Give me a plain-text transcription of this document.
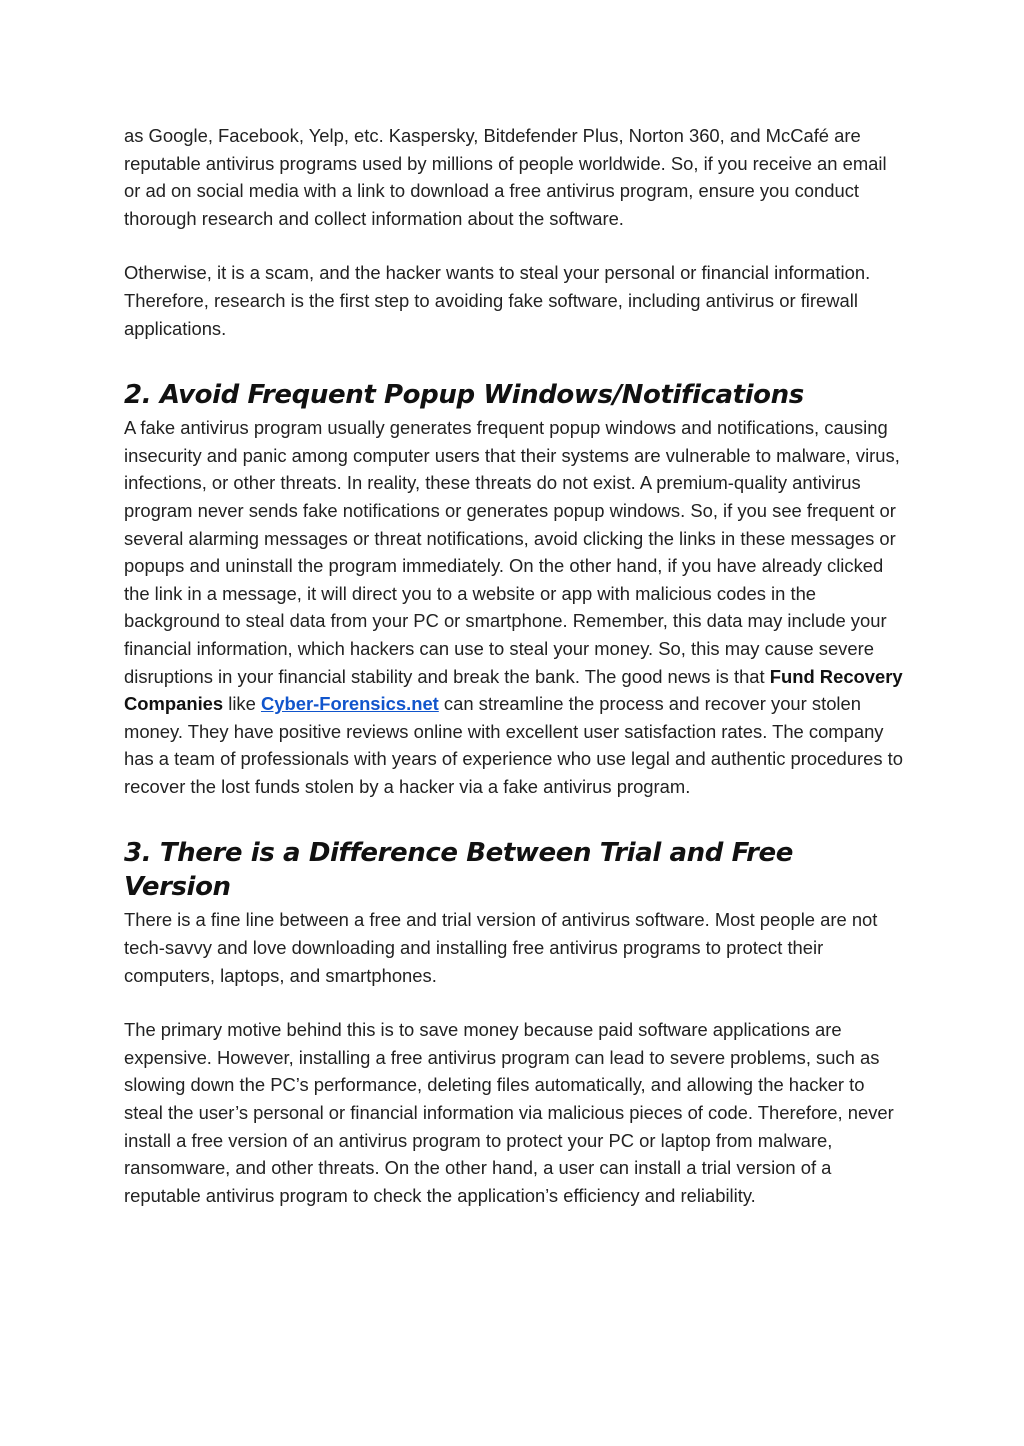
as Google, Facebook, Yelp, etc. Kaspersky, Bitdefender Plus, Norton 360, and McCafé are reputable antivirus programs used by millions of people worldwide. So, if you receive an email or ad on social media with a link to download a free antivirus program, ensure you conduct thorough research and collect information about the software.

Otherwise, it is a scam, and the hacker wants to steal your personal or financial information. Therefore, research is the first step to avoiding fake software, including antivirus or firewall applications.

2. Avoid Frequent Popup Windows/Notifications

A fake antivirus program usually generates frequent popup windows and notifications, causing insecurity and panic among computer users that their systems are vulnerable to malware, virus, infections, or other threats. In reality, these threats do not exist. A premium-quality antivirus program never sends fake notifications or generates popup windows. So, if you see frequent or several alarming messages or threat notifications, avoid clicking the links in these messages or popups and uninstall the program immediately. On the other hand, if you have already clicked the link in a message, it will direct you to a website or app with malicious codes in the background to steal data from your PC or smartphone. Remember, this data may include your financial information, which hackers can use to steal your money. So, this may cause severe disruptions in your financial stability and break the bank. The good news is that Fund Recovery Companies like Cyber-Forensics.net can streamline the process and recover your stolen money. They have positive reviews online with excellent user satisfaction rates. The company has a team of professionals with years of experience who use legal and authentic procedures to recover the lost funds stolen by a hacker via a fake antivirus program.

3. There is a Difference Between Trial and Free Version

There is a fine line between a free and trial version of antivirus software. Most people are not tech-savvy and love downloading and installing free antivirus programs to protect their computers, laptops, and smartphones.

The primary motive behind this is to save money because paid software applications are expensive. However, installing a free antivirus program can lead to severe problems, such as slowing down the PC’s performance, deleting files automatically, and allowing the hacker to steal the user’s personal or financial information via malicious pieces of code. Therefore, never install a free version of an antivirus program to protect your PC or laptop from malware, ransomware, and other threats. On the other hand, a user can install a trial version of a reputable antivirus program to check the application’s efficiency and reliability.
